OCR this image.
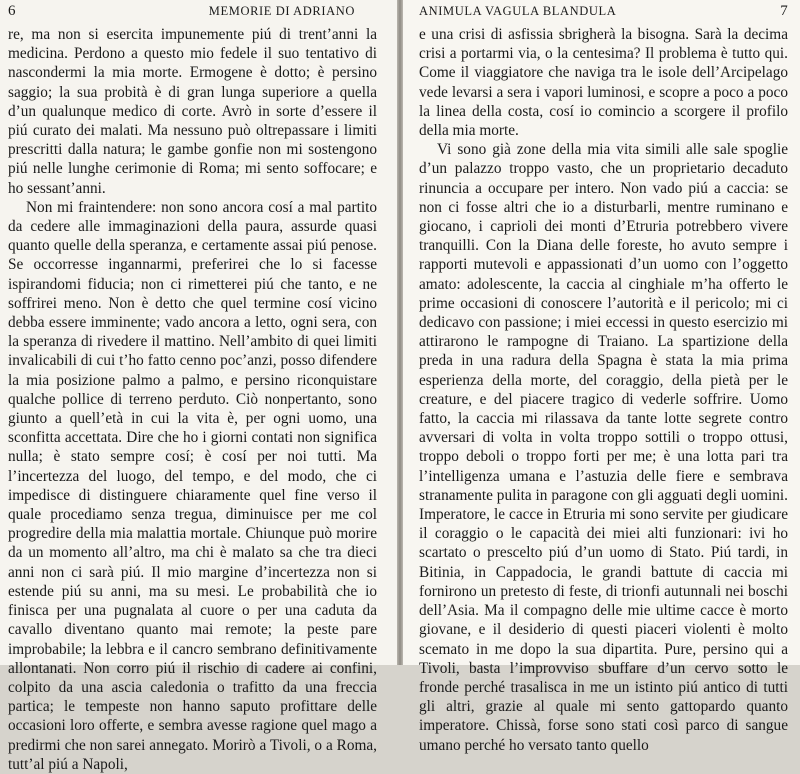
6	MEMORIE DI ADRIANO

re, ma non si esercita impunemente piú di trent’anni la medicina. Perdono a questo mio fedele il suo tentativo di nascondermi la mia morte. Ermogene è dotto; è persino saggio; la sua probità è di gran lunga superiore a quella d’un qualunque medico di corte. Avrò in sorte d’essere il piú curato dei malati. Ma nessuno può oltrepassare i limiti prescritti dalla natura; le gambe gonfie non mi sostengono piú nelle lunghe cerimonie di Roma; mi sento soffocare; e ho sessant’anni.

Non mi fraintendere: non sono ancora cosí a mal partito da cedere alle immaginazioni della paura, assurde quasi quanto quelle della speranza, e certamente assai piú penose. Se occorresse ingannarmi, preferirei che lo si facesse ispirandomi fiducia; non ci rimetterei piú che tanto, e ne soffrirei meno. Non è detto che quel termine cosí vicino debba essere imminente; vado ancora a letto, ogni sera, con la speranza di rivedere il mattino. Nell’ambito di quei limiti invalicabili di cui t’ho fatto cenno poc’anzi, posso difendere la mia posizione palmo a palmo, e persino riconquistare qualche pollice di terreno perduto. Ciò nonpertanto, sono giunto a quell’età in cui la vita è, per ogni uomo, una sconfitta accettata. Dire che ho i giorni contati non significa nulla; è stato sempre cosí; è cosí per noi tutti. Ma l’incertezza del luogo, del tempo, e del modo, che ci impedisce di distinguere chiaramente quel fine verso il quale procediamo senza tregua, diminuisce per me col progredire della mia malattia mortale. Chiunque può morire da un momento all’altro, ma chi è malato sa che tra dieci anni non ci sarà piú. Il mio margine d’incertezza non si estende piú su anni, ma su mesi. Le probabilità che io finisca per una pugnalata al cuore o per una caduta da cavallo diventano quanto mai remote; la peste pare improbabile; la lebbra e il cancro sembrano definitivamente allontanati. Non corro piú il rischio di cadere ai confini, colpito da una ascia caledonia o trafitto da una freccia partica; le tempeste non hanno saputo profittare delle occasioni loro offerte, e sembra avesse ragione quel mago a predirmi che non sarei annegato. Morirò a Tivoli, o a Roma, tutt’al piú a Napoli,

ANIMULA VAGULA BLANDULA	7

e una crisi di asfissia sbrigherà la bisogna. Sarà la decima crisi a portarmi via, o la centesima? Il problema è tutto qui. Come il viaggiatore che naviga tra le isole dell’Arcipelago vede levarsi a sera i vapori luminosi, e scopre a poco a poco la linea della costa, cosí io comincio a scorgere il profilo della mia morte.

Vi sono già zone della mia vita simili alle sale spoglie d’un palazzo troppo vasto, che un proprietario decaduto rinuncia a occupare per intero. Non vado piú a caccia: se non ci fosse altri che io a disturbarli, mentre ruminano e giocano, i caprioli dei monti d’Etruria potrebbero vivere tranquilli. Con la Diana delle foreste, ho avuto sempre i rapporti mutevoli e appassionati d’un uomo con l’oggetto amato: adolescente, la caccia al cinghiale m’ha offerto le prime occasioni di conoscere l’autorità e il pericolo; mi ci dedicavo con passione; i miei eccessi in questo esercizio mi attirarono le rampogne di Traiano. La spartizione della preda in una radura della Spagna è stata la mia prima esperienza della morte, del coraggio, della pietà per le creature, e del piacere tragico di vederle soffrire. Uomo fatto, la caccia mi rilassava da tante lotte segrete contro avversari di volta in volta troppo sottili o troppo ottusi, troppo deboli o troppo forti per me; è una lotta pari tra l’intelligenza umana e l’astuzia delle fiere e sembrava stranamente pulita in paragone con gli agguati degli uomini. Imperatore, le cacce in Etruria mi sono servite per giudicare il coraggio o le capacità dei miei alti funzionari: ivi ho scartato o prescelto piú d’un uomo di Stato. Piú tardi, in Bitinia, in Cappadocia, le grandi battute di caccia mi fornirono un pretesto di feste, di trionfi autunnali nei boschi dell’Asia. Ma il compagno delle mie ultime cacce è morto giovane, e il desiderio di questi piaceri violenti è molto scemato in me dopo la sua dipartita. Pure, persino qui a Tivoli, basta l’improvviso sbuffare d’un cervo sotto le fronde perché trasalisca in me un istinto piú antico di tutti gli altri, grazie al quale mi sento gattopardo quanto imperatore. Chissà, forse sono stati così parco di sangue umano perché ho versato tanto quello
